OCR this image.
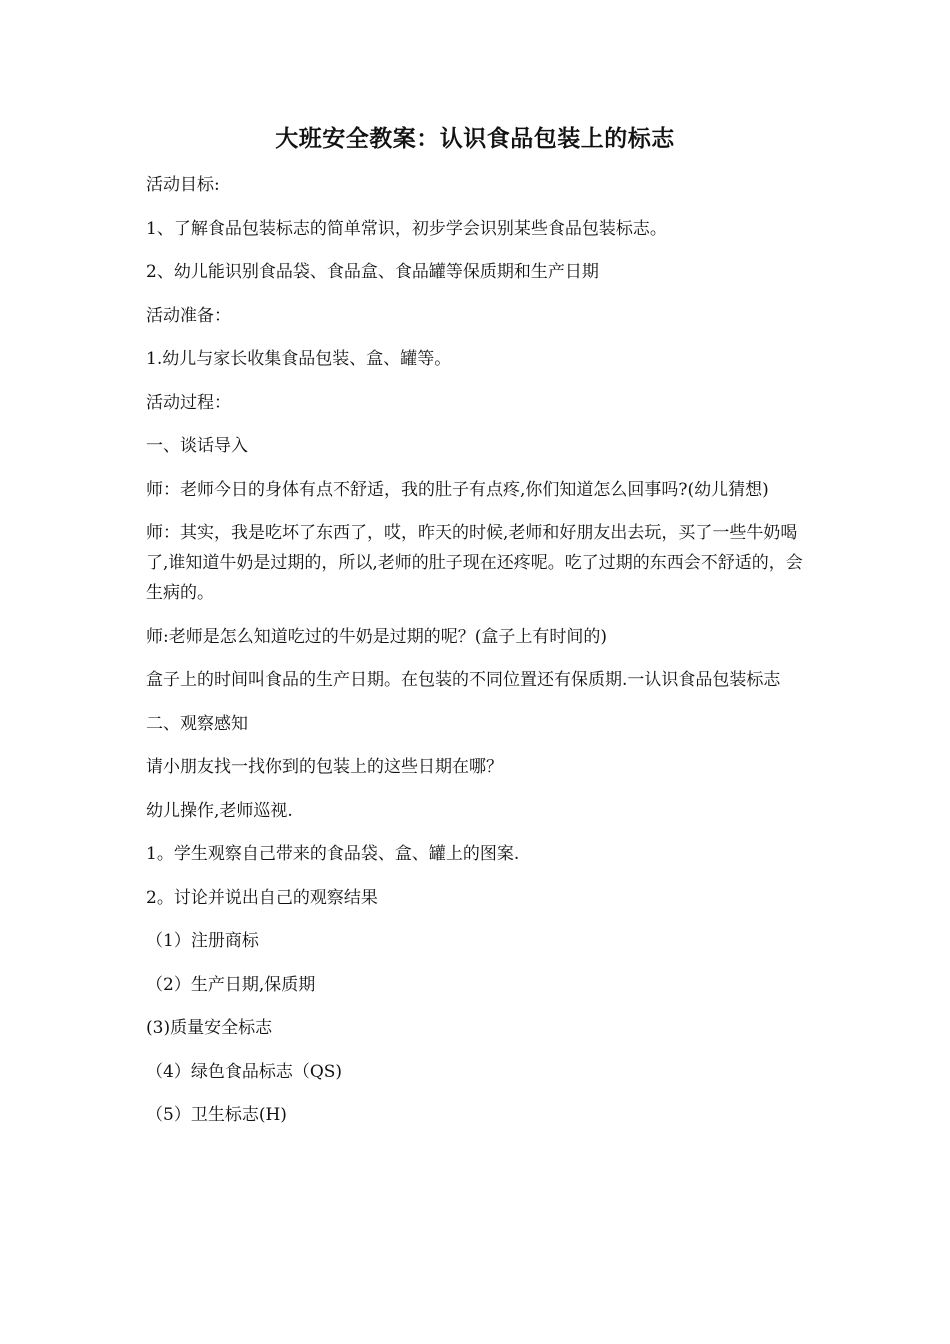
大班安全教案：认识食品包装上的标志

活动目标:

1、了解食品包装标志的简单常识，初步学会识别某些食品包装标志。

2、幼儿能识别食品袋、食品盒、食品罐等保质期和生产日期

活动准备：

1.幼儿与家长收集食品包装、盒、罐等。

活动过程：

一、谈话导入

师：老师今日的身体有点不舒适，我的肚子有点疼,你们知道怎么回事吗?(幼儿猜想)

师：其实，我是吃坏了东西了，哎，昨天的时候,老师和好朋友出去玩，买了一些牛奶喝了,谁知道牛奶是过期的，所以,老师的肚子现在还疼呢。吃了过期的东西会不舒适的，会生病的。

师:老师是怎么知道吃过的牛奶是过期的呢？(盒子上有时间的)

盒子上的时间叫食品的生产日期。在包装的不同位置还有保质期.一认识食品包装标志

二、观察感知

请小朋友找一找你到的包装上的这些日期在哪？

幼儿操作,老师巡视.

1。学生观察自己带来的食品袋、盒、罐上的图案.

2。讨论并说出自己的观察结果

（1）注册商标

（2）生产日期,保质期

(3)质量安全标志

（4）绿色食品标志（QS)

（5）卫生标志(H)
